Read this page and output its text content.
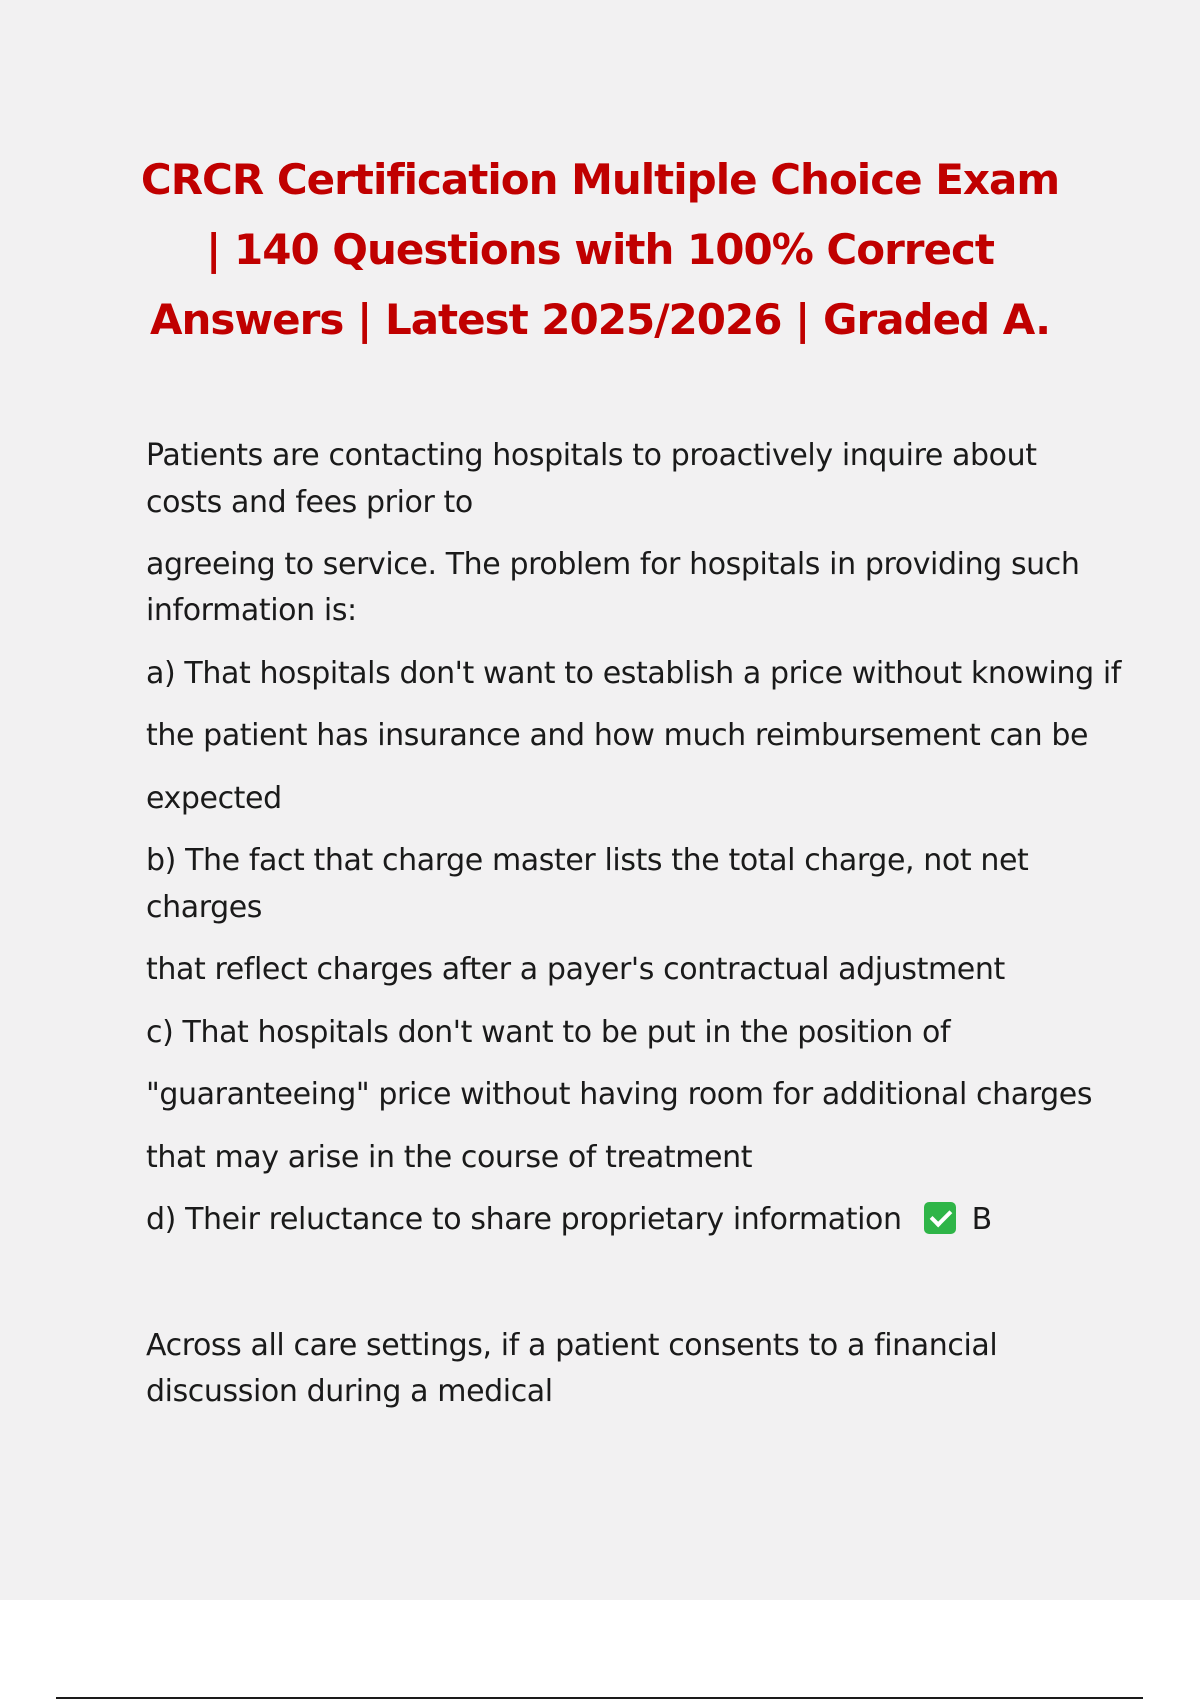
CRCR Certification Multiple Choice Exam
| 140 Questions with 100% Correct
Answers | Latest 2025/2026 | Graded A.

Patients are contacting hospitals to proactively inquire about

costs and fees prior to

agreeing to service. The problem for hospitals in providing such

information is:

a) That hospitals don't want to establish a price without knowing if

the patient has insurance and how much reimbursement can be

expected

b) The fact that charge master lists the total charge, not net

charges

that reflect charges after a payer's contractual adjustment

c) That hospitals don't want to be put in the position of

"guaranteeing" price without having room for additional charges

that may arise in the course of treatment

d) Their reluctance to share proprietary information B

Across all care settings, if a patient consents to a financial

discussion during a medical
